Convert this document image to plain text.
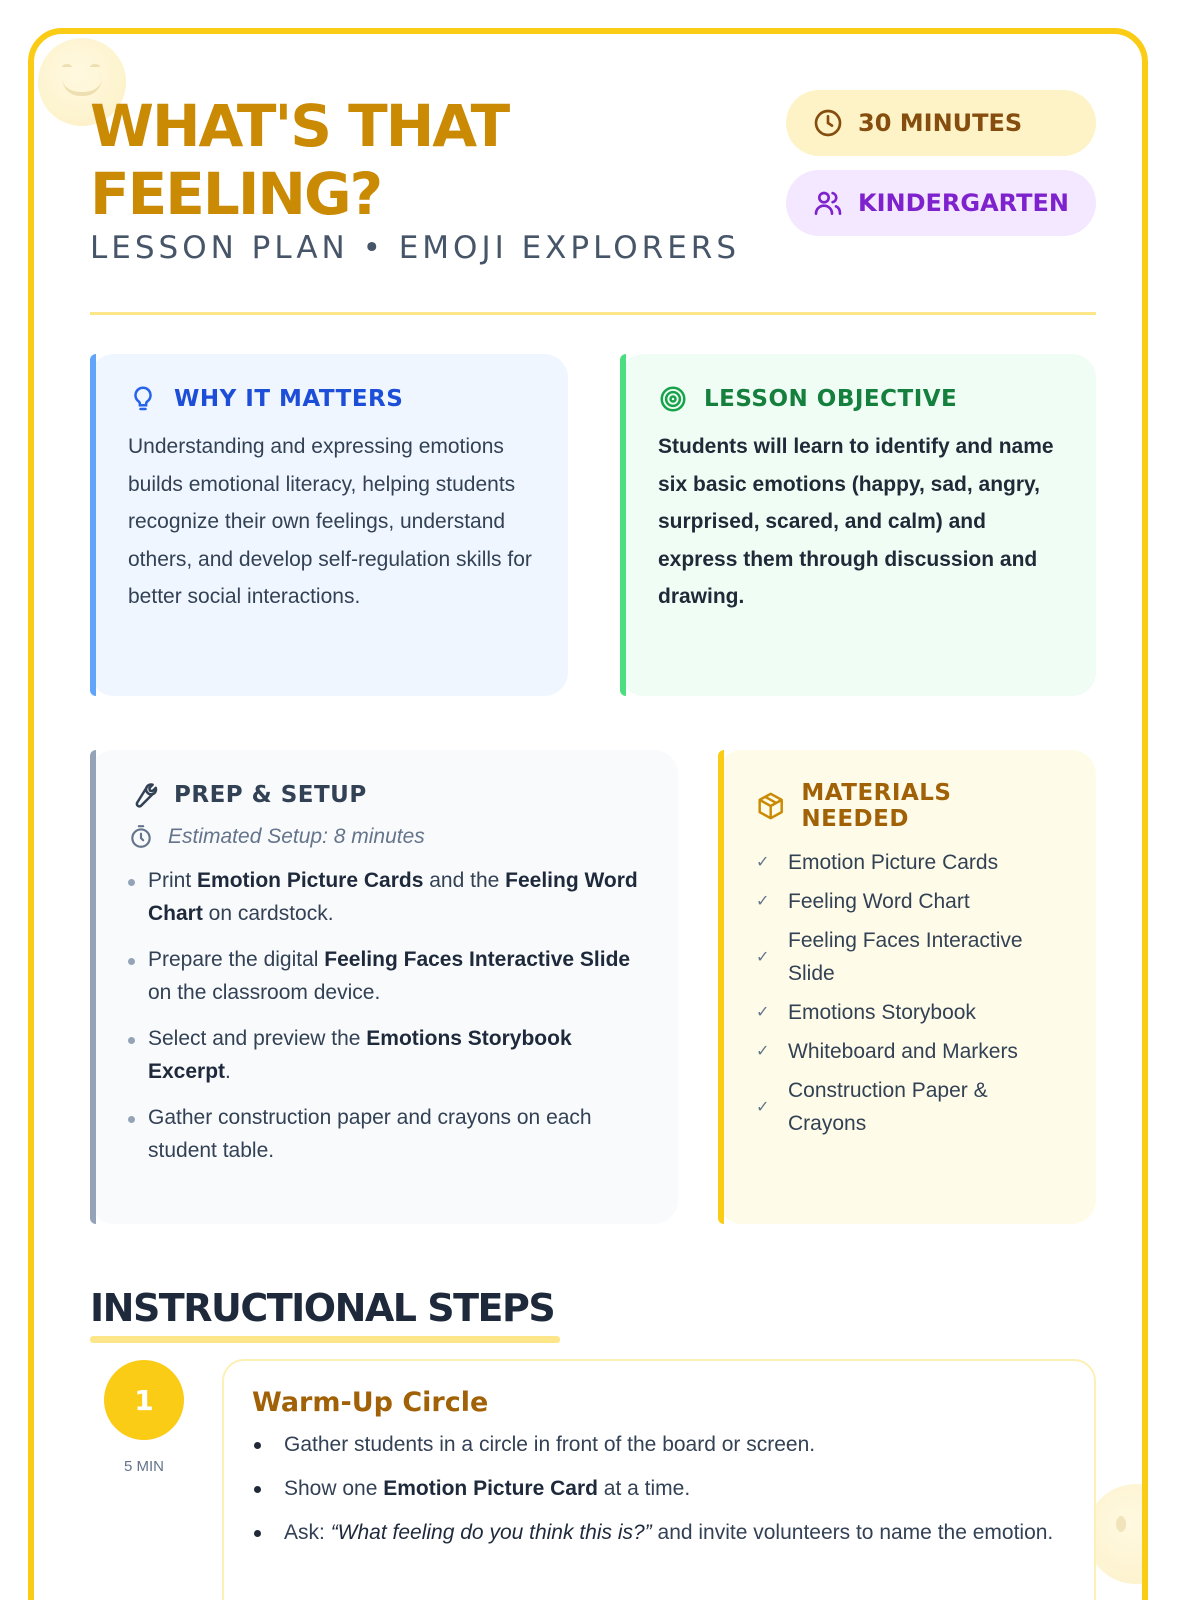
WHAT'S THAT FEELING?
LESSON PLAN • EMOJI EXPLORERS
30 MINUTES
KINDERGARTEN
WHY IT MATTERS

Understanding and expressing emotions builds emotional literacy, helping students recognize their own feelings, understand others, and develop self-regulation skills for better social interactions.

LESSON OBJECTIVE

Students will learn to identify and name six basic emotions (happy, sad, angry, surprised, scared, and calm) and express them through discussion and drawing.

PREP & SETUP
Estimated Setup: 8 minutes
Print Emotion Picture Cards and the Feeling Word Chart on cardstock.
Prepare the digital Feeling Faces Interactive Slide on the classroom device.
Select and preview the Emotions Storybook Excerpt.
Gather construction paper and crayons on each student table.
MATERIALS NEEDED
✓ Emotion Picture Cards
✓ Feeling Word Chart
✓
Feeling Faces Interactive Slide
✓ Emotions Storybook
✓ Whiteboard and Markers
✓
Construction Paper & Crayons
INSTRUCTIONAL STEPS
1
5 MIN
Warm-Up Circle
Gather students in a circle in front of the board or screen.
Show one Emotion Picture Card at a time.
Ask: “What feeling do you think this is?” and invite volunteers to name the emotion.
